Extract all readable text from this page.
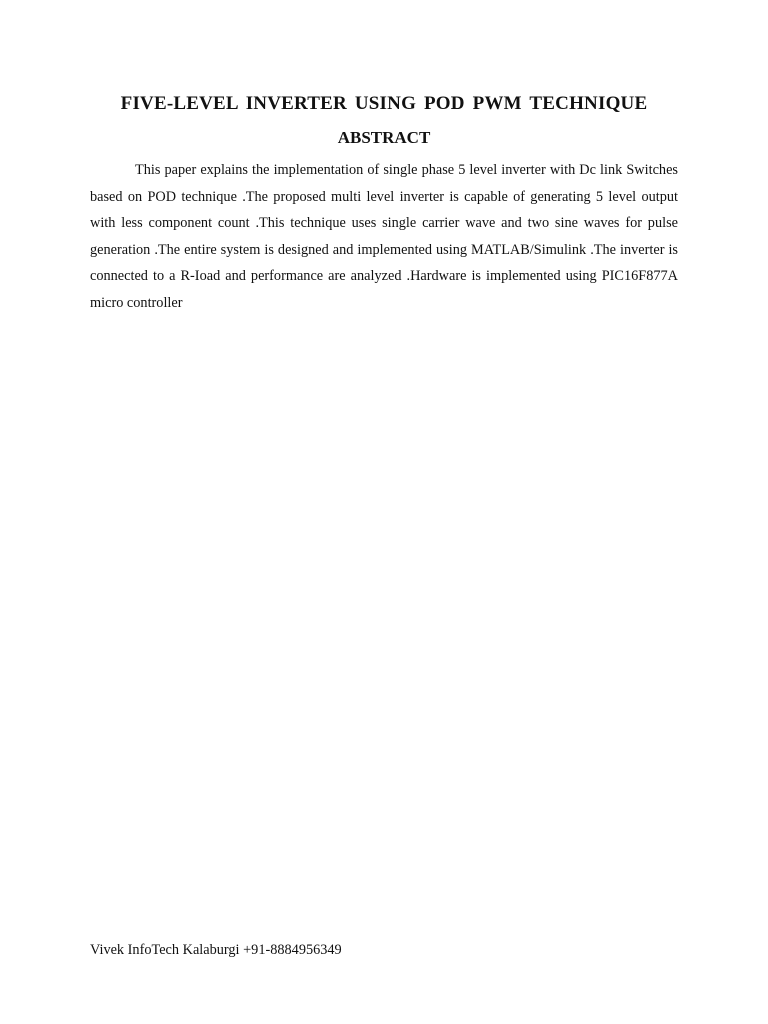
FIVE-LEVEL INVERTER USING POD PWM TECHNIQUE
ABSTRACT

This paper explains the implementation of single phase 5 level inverter with Dc link Switches based on POD technique .The proposed multi level inverter is capable of generating 5 level output with less component count .This technique uses single carrier wave and two sine waves for pulse generation .The entire system is designed and implemented using MATLAB/Simulink .The inverter is connected to a R-Ioad and performance are analyzed .Hardware is implemented using PIC16F877A micro controller

Vivek InfoTech Kalaburgi +91-8884956349
